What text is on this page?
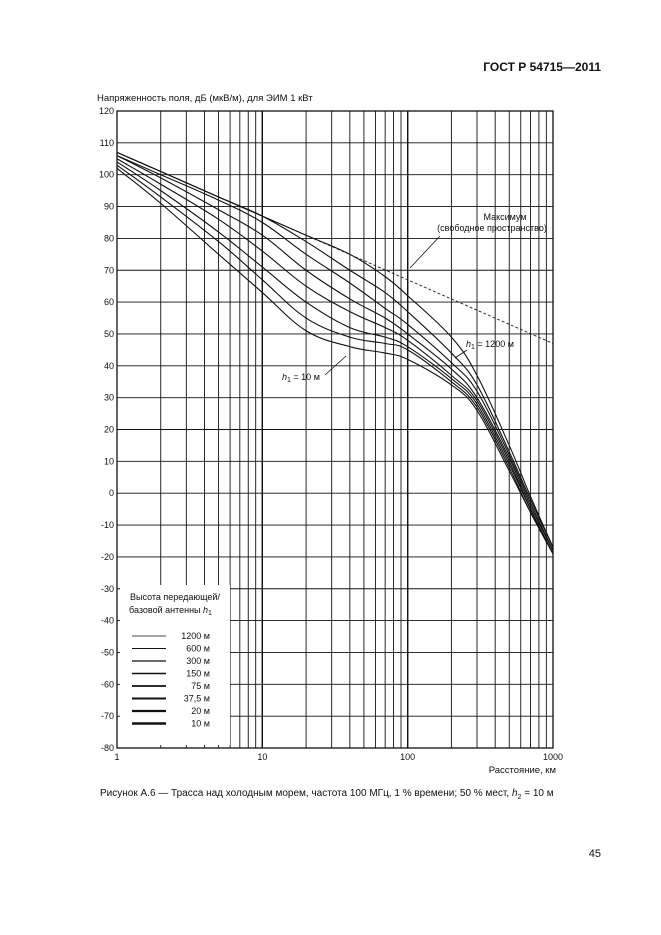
ГОСТ Р 54715—2011
Напряженность поля, дБ (мкВ/м), для ЭИМ 1 кВт
120
110
100
90
80
70
60
50
40
30
20
10
0
-10
-20
-30
-40
-50
-60
-70
-80
1	10	100	1000
Максимум
(свободное пространство)
$h_1 = 1200$ м
$h_1 = 10$ м
Высота передающей/
базовой антенны $h_1$
1200 м
600 м
300 м
150 м
75 м
37,5 м
20 м
10 м
Расстояние, км
Рисунок А.6 — Трасса над холодным морем, частота 100 МГц, 1 % времени; 50 % мест, $h_2 = 10$ м
45
